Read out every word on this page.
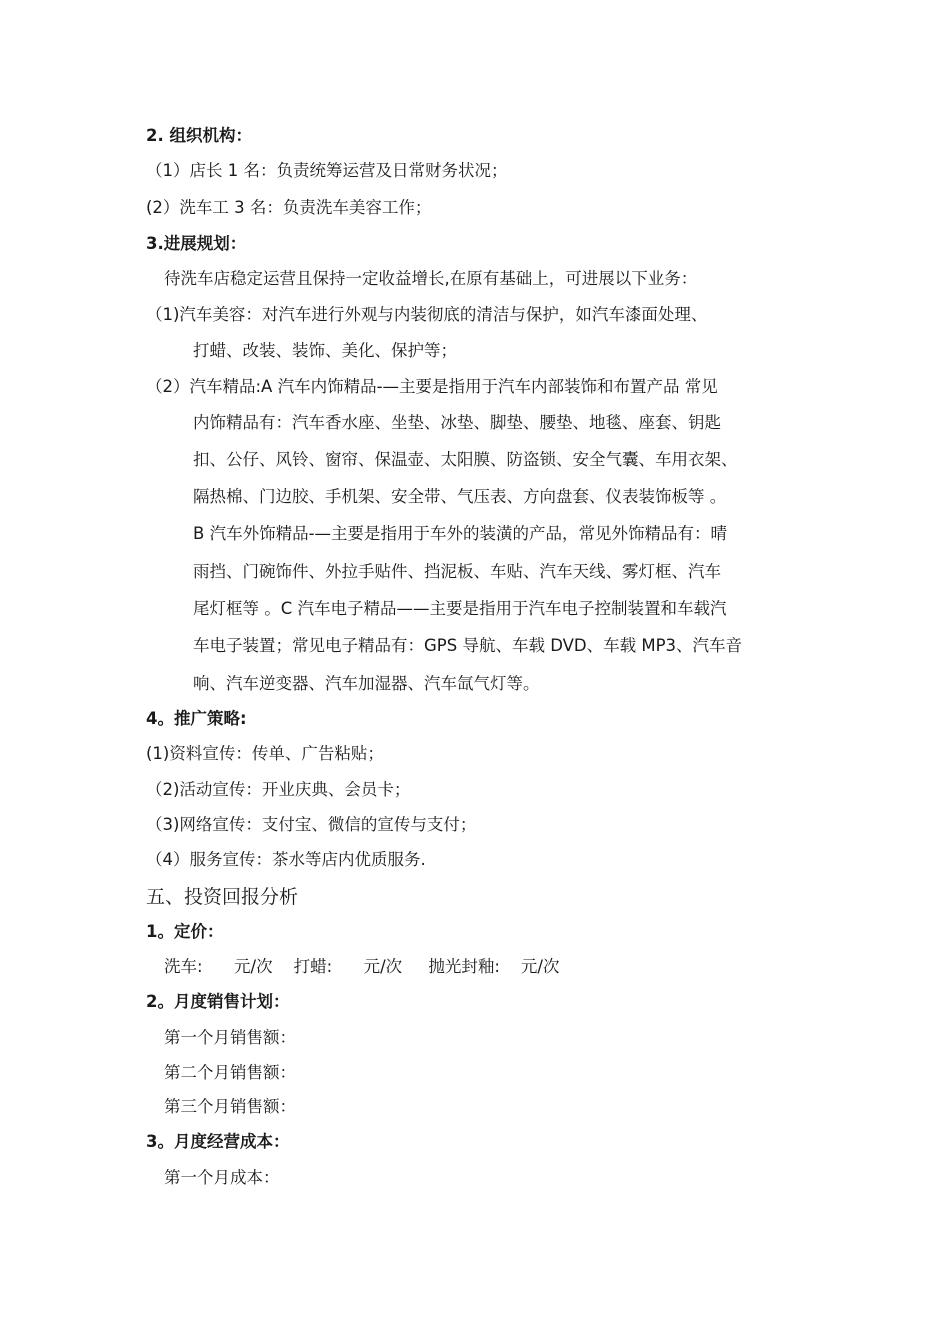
2. 组织机构：
（1）店长 1 名：负责统筹运营及日常财务状况；
(2）洗车工 3 名：负责洗车美容工作；
3.进展规划：
待洗车店稳定运营且保持一定收益增长,在原有基础上，可进展以下业务：
（1)汽车美容：对汽车进行外观与内装彻底的清洁与保护，如汽车漆面处理、
打蜡、改装、装饰、美化、保护等；
（2）汽车精品:A 汽车内饰精品-—主要是指用于汽车内部装饰和布置产品 常见
内饰精品有：汽车香水座、坐垫、冰垫、脚垫、腰垫、地毯、座套、钥匙
扣、公仔、风铃、窗帘、保温壶、太阳膜、防盗锁、安全气囊、车用衣架、
隔热棉、门边胶、手机架、安全带、气压表、方向盘套、仪表装饰板等 。
B 汽车外饰精品-—主要是指用于车外的装潢的产品，常见外饰精品有：晴
雨挡、门碗饰件、外拉手贴件、挡泥板、车贴、汽车天线、雾灯框、汽车
尾灯框等 。C 汽车电子精品——主要是指用于汽车电子控制装置和车载汽
车电子装置；常见电子精品有：GPS 导航、车载 DVD、车载 MP3、汽车音
响、汽车逆变器、汽车加湿器、汽车氙气灯等。
4。推广策略:
(1)资料宣传：传单、广告粘贴；
（2)活动宣传：开业庆典、会员卡；
（3)网络宣传：支付宝、微信的宣传与支付；
（4）服务宣传：茶水等店内优质服务.
五、投资回报分析
1。定价：
洗车:      元/次    打蜡:      元/次     抛光封釉:    元/次
2。月度销售计划：
第一个月销售额：
第二个月销售额：
第三个月销售额：
3。月度经营成本：
第一个月成本：
